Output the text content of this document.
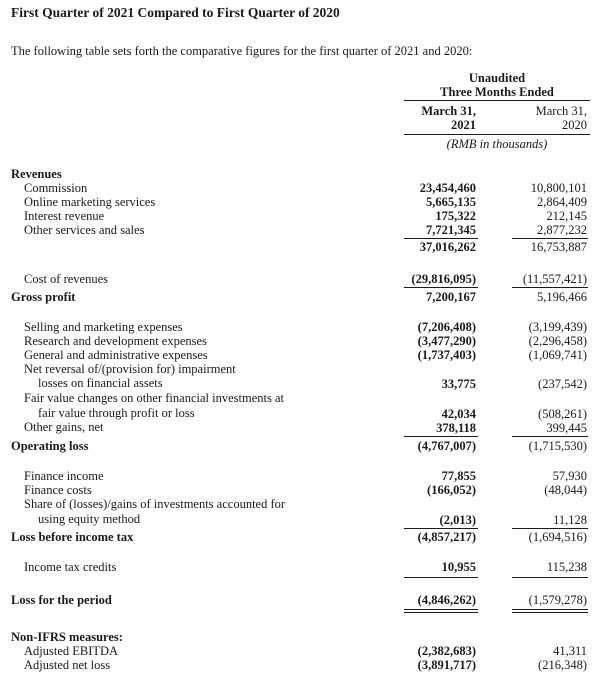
First Quarter of 2021 Compared to First Quarter of 2020
The following table sets forth the comparative figures for the first quarter of 2021 and 2020:
Unaudited
Three Months Ended
March 31,
2021
March 31,
2020
(RMB in thousands)
Revenues
Commission	23,454,460	10,800,101
Online marketing services	5,665,135	2,864,409
Interest revenue	175,322	212,145
Other services and sales	7,721,345	2,877,232
37,016,262	16,753,887
Cost of revenues	(29,816,095)	(11,557,421)
Gross profit	7,200,167	5,196,466
Selling and marketing expenses	(7,206,408)	(3,199,439)
Research and development expenses	(3,477,290)	(2,296,458)
General and administrative expenses	(1,737,403)	(1,069,741)
Net reversal of/(provision for) impairment
losses on financial assets	33,775	(237,542)
Fair value changes on other financial investments at
fair value through profit or loss	42,034	(508,261)
Other gains, net	378,118	399,445
Operating loss	(4,767,007)	(1,715,530)
Finance income	77,855	57,930
Finance costs	(166,052)	(48,044)
Share of (losses)/gains of investments accounted for
using equity method	(2,013)	11,128
Loss before income tax	(4,857,217)	(1,694,516)
Income tax credits	10,955	115,238
Loss for the period	(4,846,262)	(1,579,278)
Non-IFRS measures:
Adjusted EBITDA	(2,382,683)	41,311
Adjusted net loss	(3,891,717)	(216,348)
